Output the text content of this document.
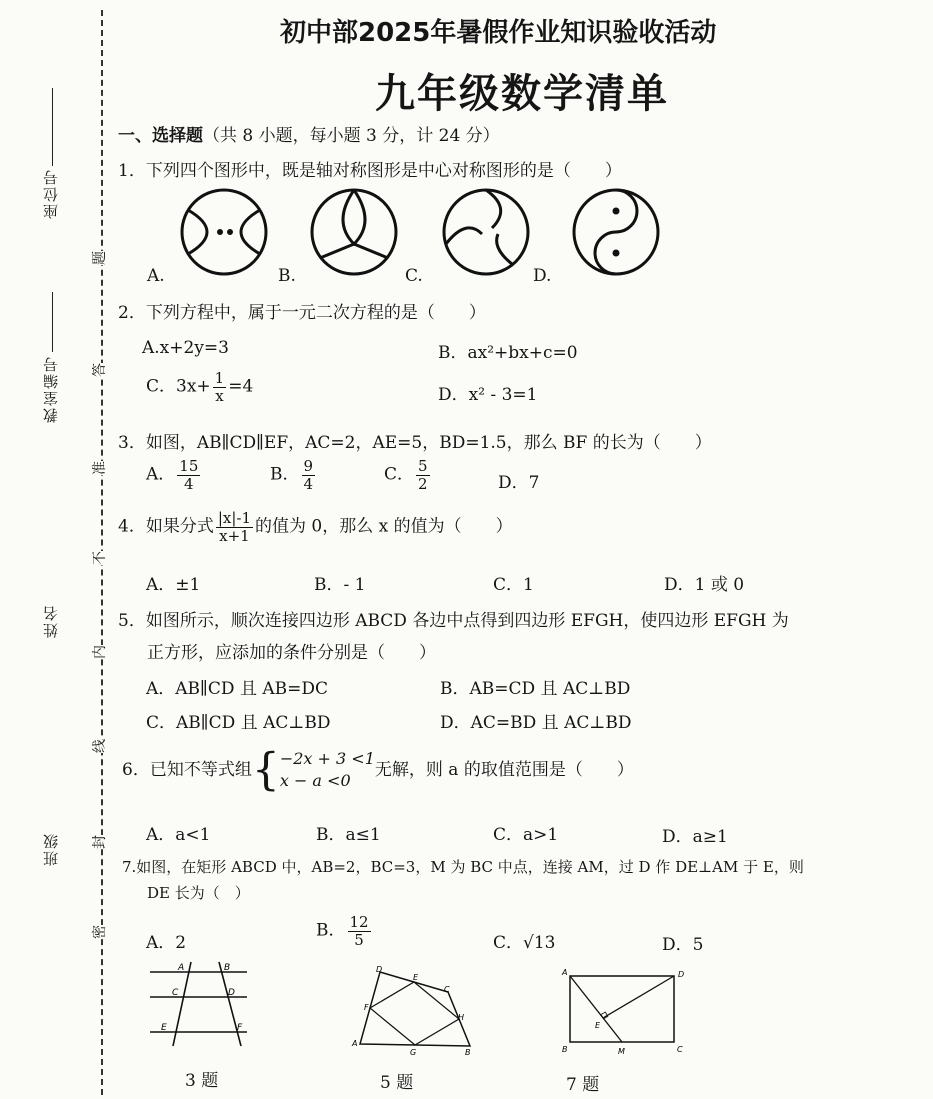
座位号
教室编号
姓名
班级
题
答
准
不
内
线
封
密
初中部2025年暑假作业知识验收活动
九年级数学清单
一、选择题（共 8 小题，每小题 3 分，计 24 分）
1．下列四个图形中，既是轴对称图形是中心对称图形的是（　　）
A.	B.	C.	D.
2．下列方程中，属于一元二次方程的是（　　）
A.x+2y=3	B．ax²+bx+c=0
C．$3x+ \frac{1}{x} =4$	D．x² - 3=1
3．如图，AB∥CD∥EF，AC=2，AE=5，BD=1.5，那么 BF 的长为（　　）
A． $\frac{15}{4}$	B． $\frac{9}{4}$	C． $\frac{5}{2}$	D．7
4．如果分式 $\frac{|x|-1}{x+1}$ 的值为 0，那么 x 的值为（　　）
A．±1	B．- 1	C．1	D．1 或 0
5．如图所示，顺次连接四边形 ABCD 各边中点得到四边形 EFGH，使四边形 EFGH 为
正方形，应添加的条件分别是（　　）
A．AB∥CD 且 AB=DC	B．AB=CD 且 AC⊥BD
C．AB∥CD 且 AC⊥BD	D．AC=BD 且 AC⊥BD
6．已知不等式组{ −2x + 3 <1
x − a <0
无解，则 a 的取值范围是（　　）
A．a<1	B．a≤1	C．a>1	D．a≥1
7.如图，在矩形 ABCD 中，AB=2，BC=3，M 为 BC 中点，连接 AM，过 D 作 DE⊥AM 于 E，则
DE 长为（　）
A．2
B． $\frac{12}{5}$	C．√13	D．5
A	B
C	D
E	F
3 题
D
E
C
F
H
A
G	B
5 题
A	D
E
B	M	C
7 题
